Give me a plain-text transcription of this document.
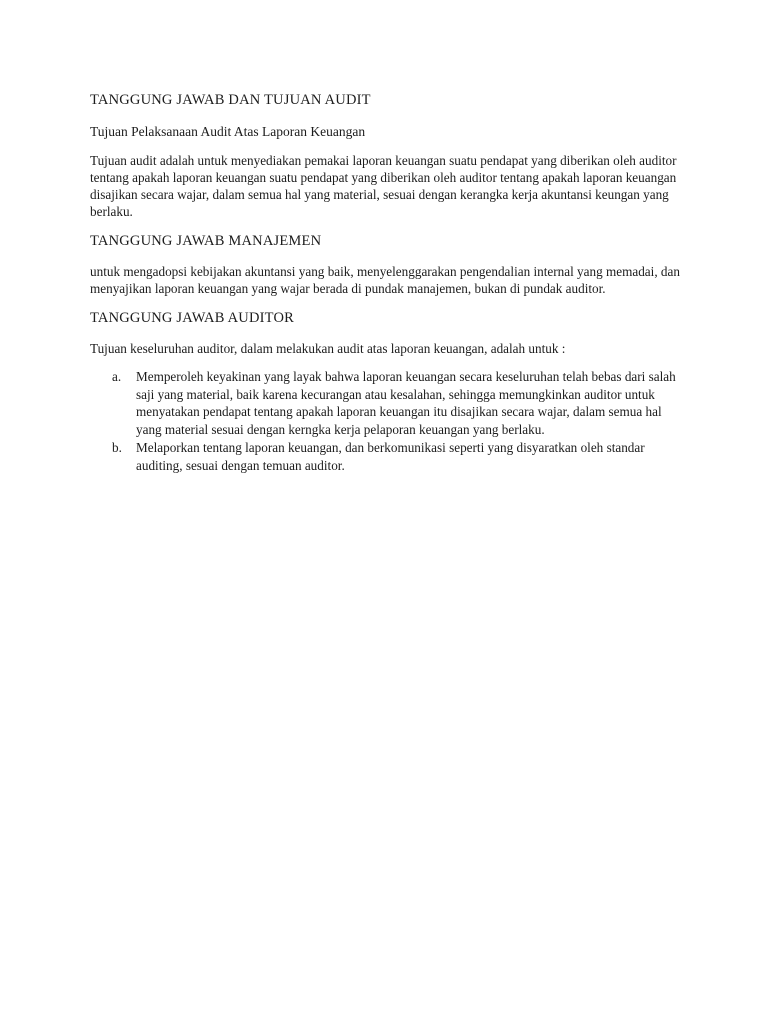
TANGGUNG JAWAB DAN TUJUAN AUDIT
Tujuan Pelaksanaan Audit Atas Laporan Keuangan

Tujuan audit adalah untuk menyediakan pemakai laporan keuangan suatu pendapat yang diberikan oleh auditor tentang apakah laporan keuangan suatu pendapat yang diberikan oleh auditor tentang apakah laporan keuangan disajikan secara wajar, dalam semua hal yang material, sesuai dengan kerangka kerja akuntansi keungan yang berlaku.

TANGGUNG JAWAB MANAJEMEN

untuk mengadopsi kebijakan akuntansi yang baik, menyelenggarakan pengendalian internal yang memadai, dan menyajikan laporan keuangan yang wajar berada di pundak manajemen, bukan di pundak auditor.

TANGGUNG JAWAB AUDITOR

Tujuan keseluruhan auditor, dalam melakukan audit atas laporan keuangan, adalah untuk :

a.	Memperoleh keyakinan yang layak bahwa laporan keuangan secara keseluruhan telah bebas dari salah saji yang material, baik karena kecurangan atau kesalahan, sehingga memungkinkan auditor untuk menyatakan pendapat tentang apakah laporan keuangan itu disajikan secara wajar, dalam semua hal yang material sesuai dengan kerngka kerja pelaporan keuangan yang berlaku.
b.	Melaporkan tentang laporan keuangan, dan berkomunikasi seperti yang disyaratkan oleh standar auditing, sesuai dengan temuan auditor.
